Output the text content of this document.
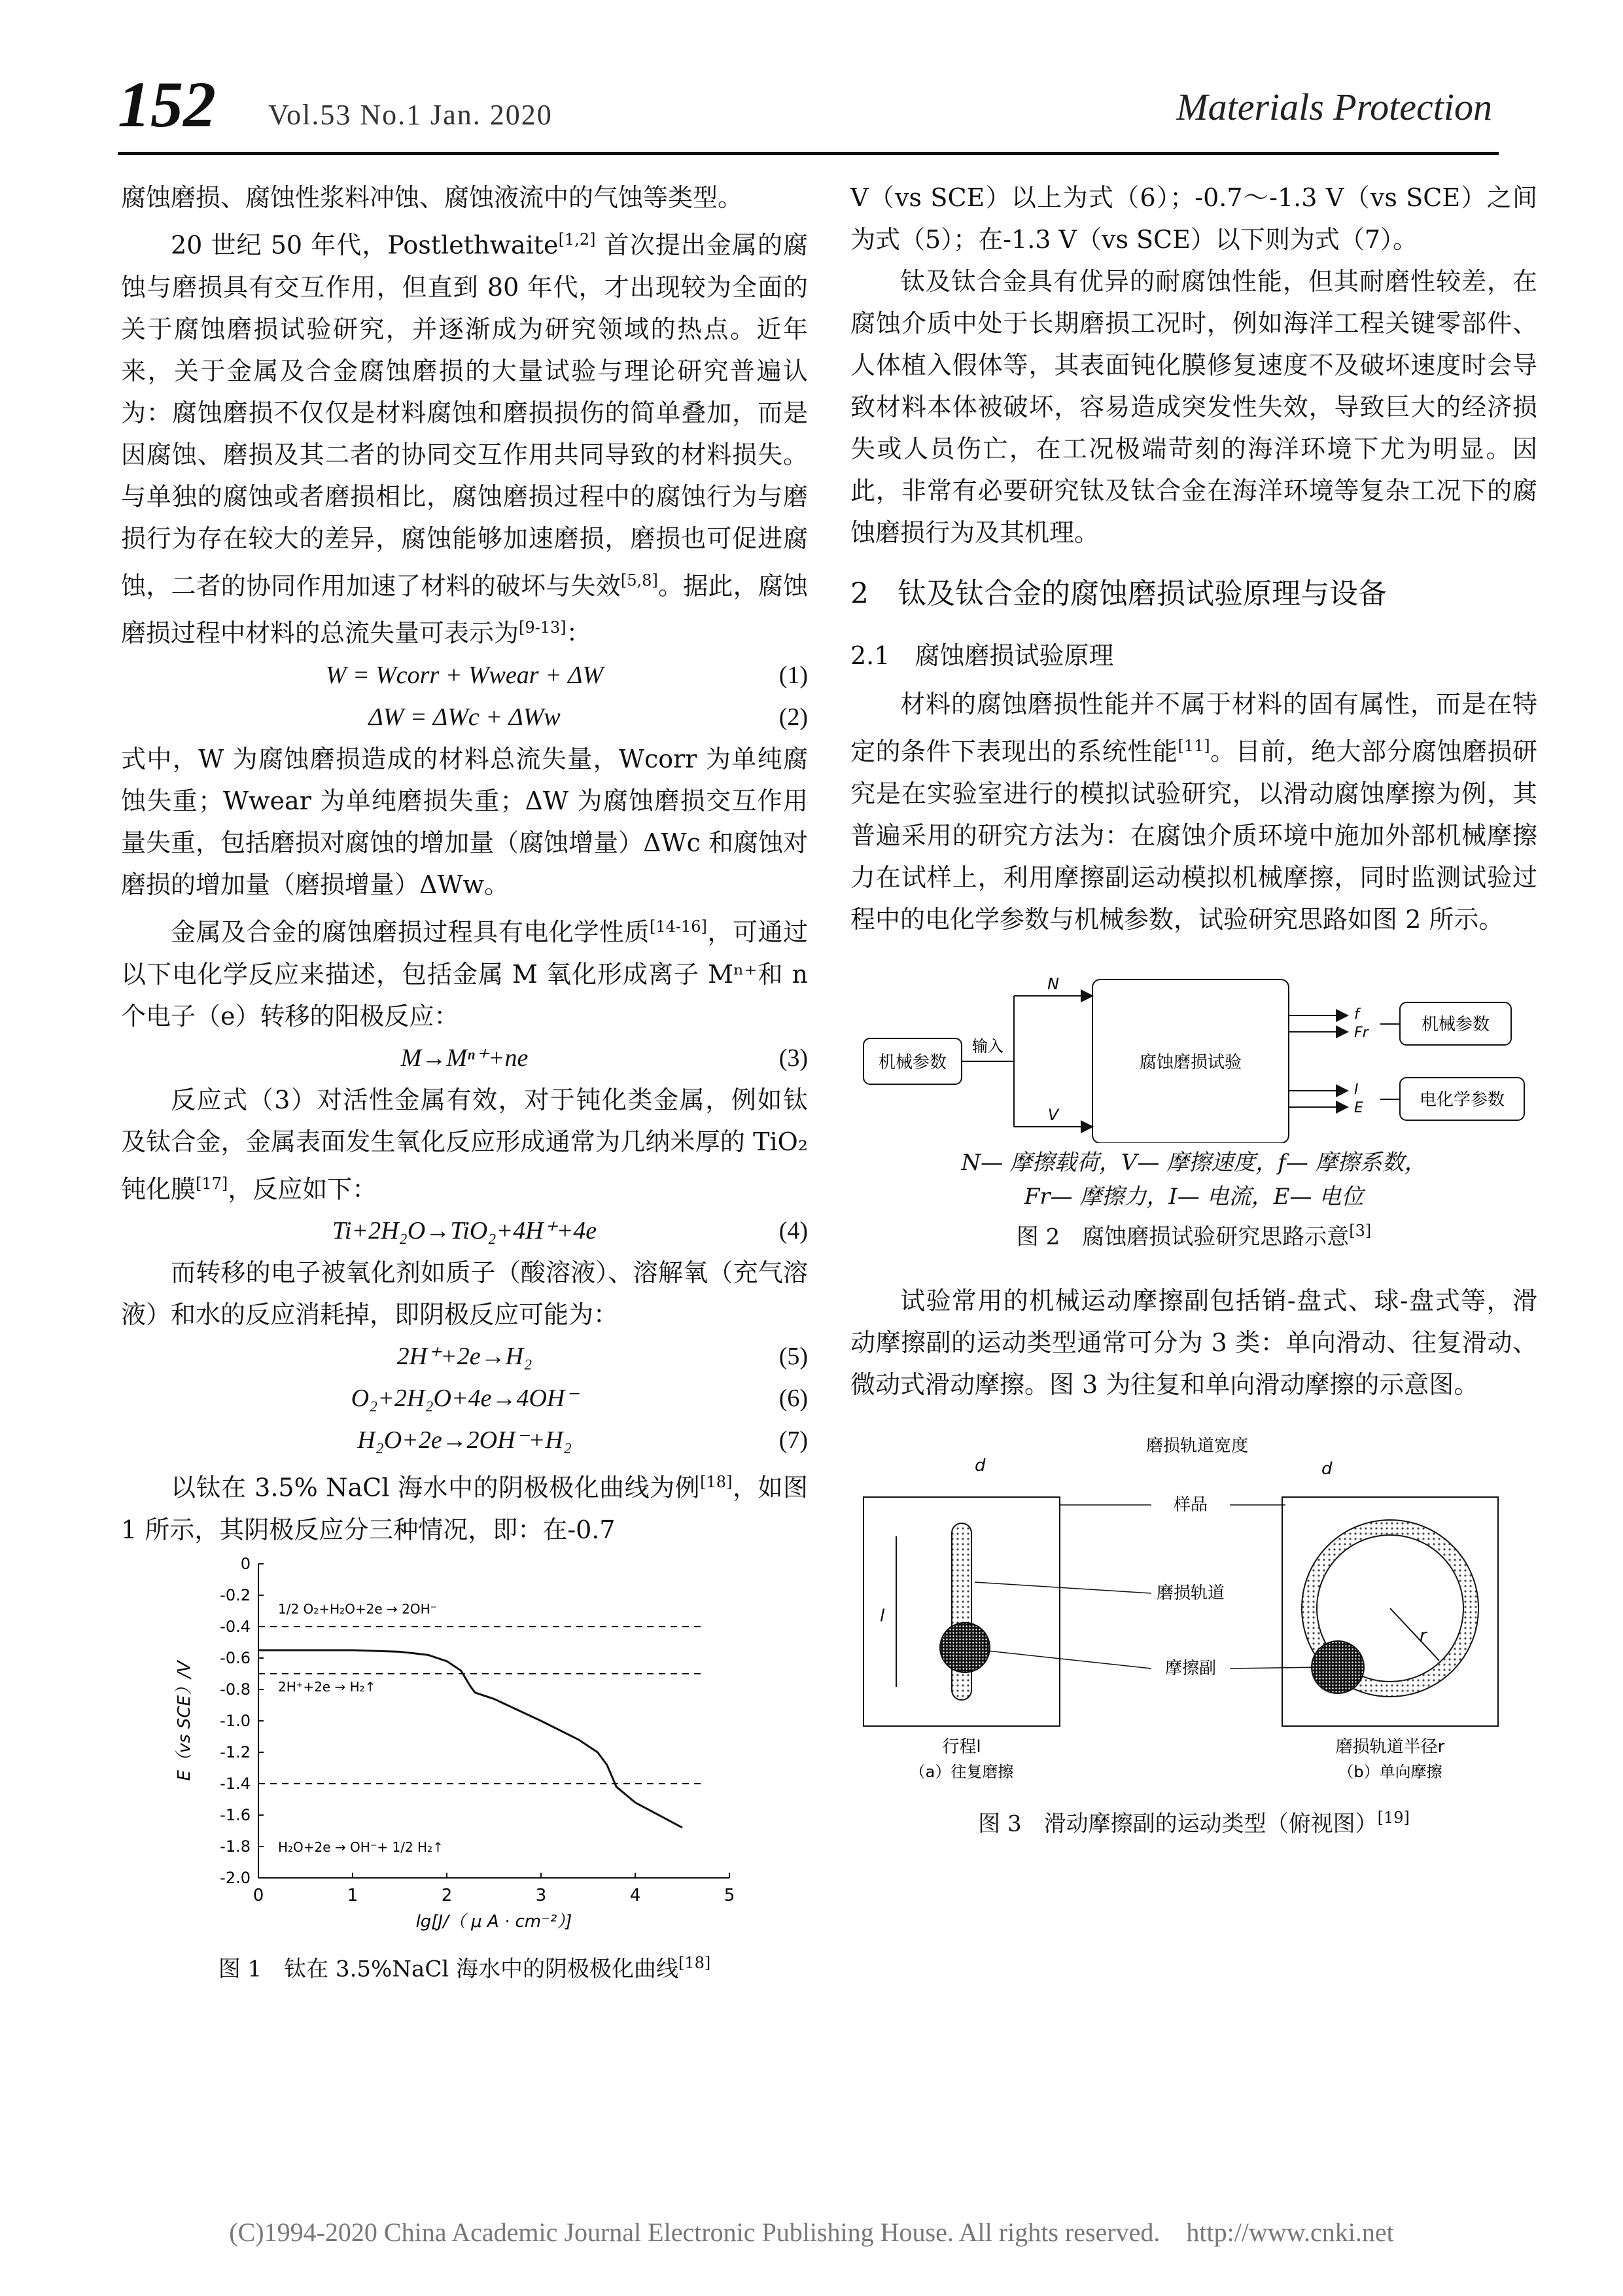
152 Vol.53 No.1 Jan. 2020	Materials Protection

腐蚀磨损、腐蚀性浆料冲蚀、腐蚀液流中的气蚀等类型。

20 世纪 50 年代，Postlethwaite[1,2] 首次提出金属的腐蚀与磨损具有交互作用，但直到 80 年代，才出现较为全面的关于腐蚀磨损试验研究，并逐渐成为研究领域的热点。近年来，关于金属及合金腐蚀磨损的大量试验与理论研究普遍认为：腐蚀磨损不仅仅是材料腐蚀和磨损损伤的简单叠加，而是因腐蚀、磨损及其二者的协同交互作用共同导致的材料损失。与单独的腐蚀或者磨损相比，腐蚀磨损过程中的腐蚀行为与磨损行为存在较大的差异，腐蚀能够加速磨损，磨损也可促进腐蚀，二者的协同作用加速了材料的破坏与失效[5,8]。据此，腐蚀磨损过程中材料的总流失量可表示为[9-13]：

W = Wcorr + Wwear + ΔW	(1)
ΔW = ΔWc + ΔWw	(2)

式中，W 为腐蚀磨损造成的材料总流失量，Wcorr 为单纯腐蚀失重；Wwear 为单纯磨损失重；ΔW 为腐蚀磨损交互作用量失重，包括磨损对腐蚀的增加量（腐蚀增量）ΔWc 和腐蚀对磨损的增加量（磨损增量）ΔWw。

金属及合金的腐蚀磨损过程具有电化学性质[14-16]，可通过以下电化学反应来描述，包括金属 M 氧化形成离子 Mⁿ⁺和 n 个电子（e）转移的阳极反应：

M→Mⁿ⁺+ne	(3)

反应式（3）对活性金属有效，对于钝化类金属，例如钛及钛合金，金属表面发生氧化反应形成通常为几纳米厚的 TiO₂钝化膜[17]，反应如下：

Ti+2H₂O→TiO₂+4H⁺+4e	(4)

而转移的电子被氧化剂如质子（酸溶液）、溶解氧（充气溶液）和水的反应消耗掉，即阴极反应可能为：

2H⁺+2e→H₂	(5)
O₂+2H₂O+4e→4OH⁻	(6)
H₂O+2e→2OH⁻+H₂	(7)

以钛在 3.5% NaCl 海水中的阴极极化曲线为例[18]，如图 1 所示，其阴极反应分三种情况，即：在-0.7

0	1	2	3	4	5
0
-0.2
-0.4
-0.6
-0.8
-1.0
-1.2
-1.4
-1.6
-1.8
-2.0
1/2 O₂+H₂O+2e → 2OH⁻
2H⁺+2e → H₂↑
H₂O+2e → OH⁻+ 1/2 H₂↑
lg[J/（ μ A · cm⁻²）]
E（vs SCE）/V
图 1　钛在 3.5%NaCl 海水中的阴极极化曲线[18]

V（vs SCE）以上为式（6）；-0.7～-1.3 V（vs SCE）之间为式（5）；在-1.3 V（vs SCE）以下则为式（7）。

钛及钛合金具有优异的耐腐蚀性能，但其耐磨性较差，在腐蚀介质中处于长期磨损工况时，例如海洋工程关键零部件、人体植入假体等，其表面钝化膜修复速度不及破坏速度时会导致材料本体被破坏，容易造成突发性失效，导致巨大的经济损失或人员伤亡，在工况极端苛刻的海洋环境下尤为明显。因此，非常有必要研究钛及钛合金在海洋环境等复杂工况下的腐蚀磨损行为及其机理。

2　钛及钛合金的腐蚀磨损试验原理与设备
2.1　腐蚀磨损试验原理

材料的腐蚀磨损性能并不属于材料的固有属性，而是在特定的条件下表现出的系统性能[11]。目前，绝大部分腐蚀磨损研究是在实验室进行的模拟试验研究，以滑动腐蚀摩擦为例，其普遍采用的研究方法为：在腐蚀介质环境中施加外部机械摩擦力在试样上，利用摩擦副运动模拟机械摩擦，同时监测试验过程中的电化学参数与机械参数，试验研究思路如图 2 所示。

机械参数
输入
N
V
腐蚀磨损试验
f
Fr
I
E
机械参数
电化学参数
N— 摩擦载荷，V— 摩擦速度，f— 摩擦系数，
Fr— 摩擦力，I— 电流，E— 电位
图 2　腐蚀磨损试验研究思路示意[3]

试验常用的机械运动摩擦副包括销-盘式、球-盘式等，滑动摩擦副的运动类型通常可分为 3 类：单向滑动、往复滑动、微动式滑动摩擦。图 3 为往复和单向滑动摩擦的示意图。

磨损轨道宽度
l
d
r
d
样品
磨损轨道
摩擦副
行程l	磨损轨道半径r
（a）往复磨擦	（b）单向摩擦
图 3　滑动摩擦副的运动类型（俯视图）[19]
(C)1994-2020 China Academic Journal Electronic Publishing House. All rights reserved.　http://www.cnki.net
